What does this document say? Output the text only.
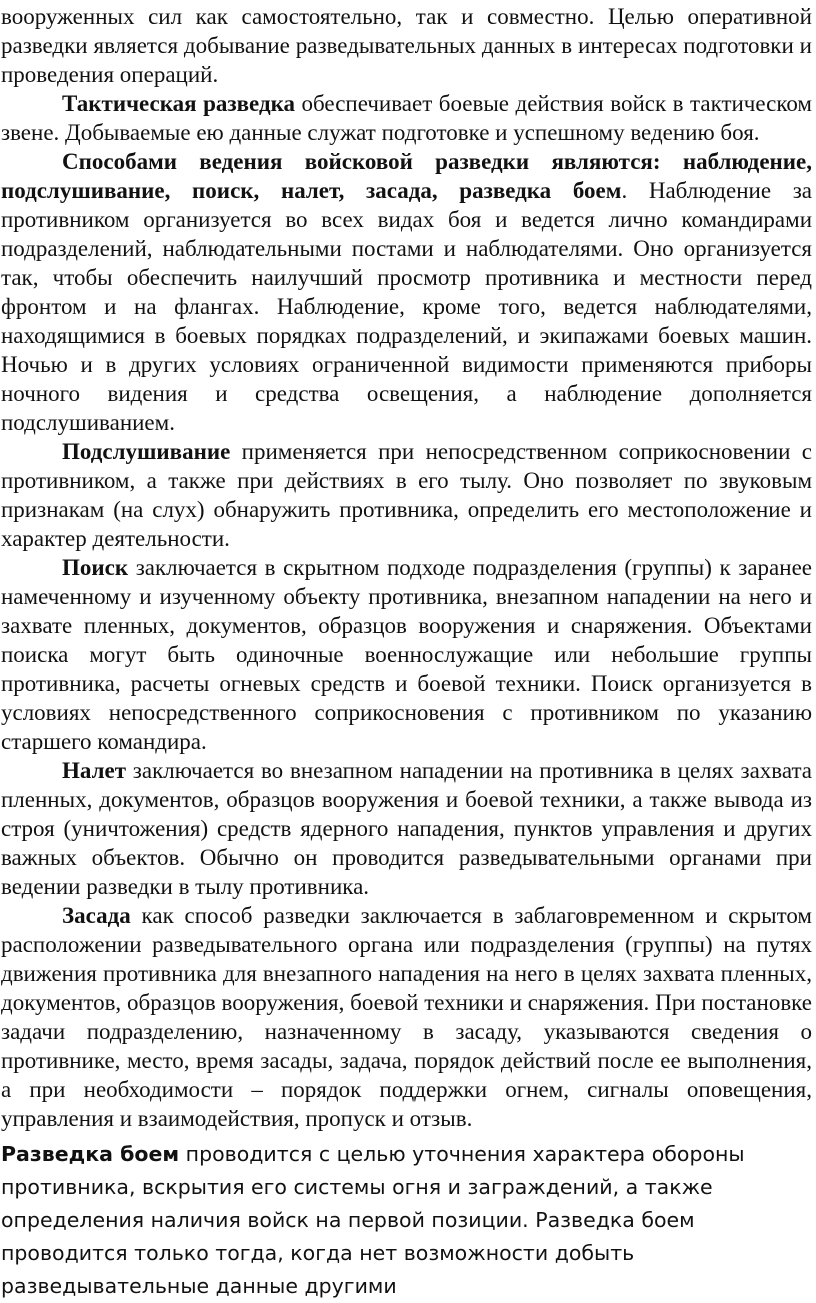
вооруженных сил как самостоятельно, так и совместно. Целью оперативной разведки является добывание разведывательных данных в интересах подготовки и проведения операций.

Тактическая разведка обеспечивает боевые действия войск в тактическом звене. Добываемые ею данные служат подготовке и успешному ведению боя.

Способами ведения войсковой разведки являются: наблюдение, подслушивание, поиск, налет, засада, разведка боем. Наблюдение за противником организуется во всех видах боя и ведется лично командирами подразделений, наблюдательными постами и наблюдателями. Оно организуется так, чтобы обеспечить наилучший просмотр противника и местности перед фронтом и на флангах. Наблюдение, кроме того, ведется наблюдателями, находящимися в боевых порядках подразделений, и экипажами боевых машин. Ночью и в других условиях ограниченной видимости применяются приборы ночного видения и средства освещения, а наблюдение дополняется подслушиванием.

Подслушивание применяется при непосредственном соприкосновении с противником, а также при действиях в его тылу. Оно позволяет по звуковым признакам (на слух) обнаружить противника, определить его местоположение и характер деятельности.

Поиск заключается в скрытном подходе подразделения (группы) к заранее намеченному и изученному объекту противника, внезапном нападении на него и захвате пленных, документов, образцов вооружения и снаряжения. Объектами поиска могут быть одиночные военнослужащие или небольшие группы противника, расчеты огневых средств и боевой техники. Поиск организуется в условиях непосредственного соприкосновения с противником по указанию старшего командира.

Налет заключается во внезапном нападении на противника в целях захвата пленных, документов, образцов вооружения и боевой техники, а также вывода из строя (уничтожения) средств ядерного нападения, пунктов управления и других важных объектов. Обычно он проводится разведывательными органами при ведении разведки в тылу противника.

Засада как способ разведки заключается в заблаговременном и скрытом расположении разведывательного органа или подразделения (группы) на путях движения противника для внезапного нападения на него в целях захвата пленных, документов, образцов вооружения, боевой техники и снаряжения. При постановке задачи подразделению, назначенному в засаду, указываются сведения о противнике, место, время засады, задача, порядок действий после ее выполнения, а при необходимости – порядок поддержки огнем, сигналы оповещения, управления и взаимодействия, пропуск и отзыв.

Разведка боем проводится с целью уточнения характера обороны противника, вскрытия его системы огня и заграждений, а также определения наличия войск на первой позиции. Разведка боем проводится только тогда, когда нет возможности добыть разведывательные данные другими
